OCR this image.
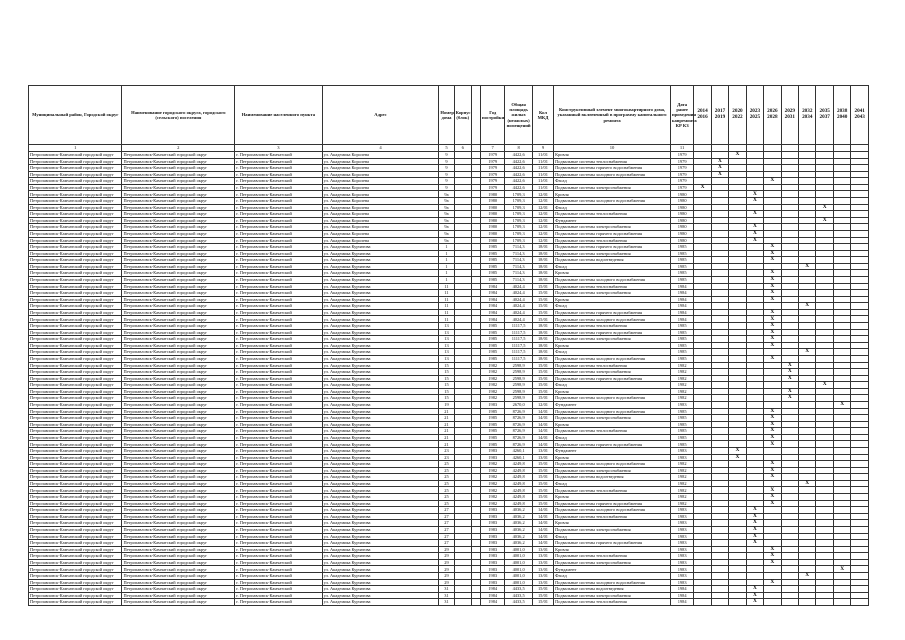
Муниципальный район, Городской округ	Наименование городского округа, городского (сельского) поселения	Наименование населенного пункта	Адрес	Номер дома	Корпус (блок)		Год постройки	Общая площадь жилых (нежилых) помещений	Кол МКД	Конструктивный элемент многоквартирного дома, указанный включенный в программу капитального ремонта	Дата ранее проведения капремонта КР КЗ	2014 2016	2017 2019	2020 2022	2023 2025	2026 2028	2029 2031	2032 2034	2035 2037	2038 2040	2041 2043
1	2	3	4	5	6		7	8	9	10	11										
Петропавловск-Камчатский городской округ	Петропавловск-Камчатский городской округ	г. Петропавловск-Камчатский	ул. Академика Королева	9			1979	4422,6	11/01	Кровля	1979			X							
Петропавловск-Камчатский городской округ	Петропавловск-Камчатский городской округ	г. Петропавловск-Камчатский	ул. Академика Королева	9			1979	4422,6	11/01	Подвальные системы теплоснабжения	1979		X								
Петропавловск-Камчатский городской округ	Петропавловск-Камчатский городской округ	г. Петропавловск-Камчатский	ул. Академика Королева	9			1979	4422,6	11/01	Подвальные системы горячего водоснабжения	1979		X								
Петропавловск-Камчатский городской округ	Петропавловск-Камчатский городской округ	г. Петропавловск-Камчатский	ул. Академика Королева	9			1979	4422,6	11/01	Подвальные системы холодного водоснабжения	1979		X								
Петропавловск-Камчатский городской округ	Петропавловск-Камчатский городской округ	г. Петропавловск-Камчатский	ул. Академика Королева	9			1979	4422,6	11/01	Фасад	1979					X					
Петропавловск-Камчатский городской округ	Петропавловск-Камчатский городской округ	г. Петропавловск-Камчатский	ул. Академика Королева	9			1979	4422,6	11/01	Подвальные системы электроснабжения	1979	X									
Петропавловск-Камчатский городской округ	Петропавловск-Камчатский городской округ	г. Петропавловск-Камчатский	ул. Академика Королева	9а			1980	1709,3	12/01	Кровля	1980				X						
Петропавловск-Камчатский городской округ	Петропавловск-Камчатский городской округ	г. Петропавловск-Камчатский	ул. Академика Королева	9а			1980	1709,3	12/01	Подвальные системы холодного водоснабжения	1980				X						
Петропавловск-Камчатский городской округ	Петропавловск-Камчатский городской округ	г. Петропавловск-Камчатский	ул. Академика Королева	9а			1980	1709,3	12/01	Фасад	1980								X		
Петропавловск-Камчатский городской округ	Петропавловск-Камчатский городской округ	г. Петропавловск-Камчатский	ул. Академика Королева	9а			1980	1709,3	12/01	Подвальные системы теплоснабжения	1980				X						
Петропавловск-Камчатский городской округ	Петропавловск-Камчатский городской округ	г. Петропавловск-Камчатский	ул. Академика Королева	9а			1980	1709,3	12/01	Фундамент	1980								X		
Петропавловск-Камчатский городской округ	Петропавловск-Камчатский городской округ	г. Петропавловск-Камчатский	ул. Академика Королева	9а			1980	1709,3	12/01	Подвальные системы электроснабжения	1980				X						
Петропавловск-Камчатский городской округ	Петропавловск-Камчатский городской округ	г. Петропавловск-Камчатский	ул. Академика Королева	9а			1980	1709,3	12/01	Подвальные системы горячего водоснабжения	1980				X						
Петропавловск-Камчатский городской округ	Петропавловск-Камчатский городской округ	г. Петропавловск-Камчатский	ул. Академика Королева	9а			1980	1709,3	12/01	Подвальные системы теплоснабжения	1980				X						
Петропавловск-Камчатский городской округ	Петропавловск-Камчатский городской округ	г. Петропавловск-Камчатский	ул. Академика Курчатова	1			1985	7114,3	18/01	Подвальные системы горячего водоснабжения	1985					X					
Петропавловск-Камчатский городской округ	Петропавловск-Камчатский городской округ	г. Петропавловск-Камчатский	ул. Академика Курчатова	1			1985	7114,3	18/01	Подвальные системы электроснабжения	1985					X					
Петропавловск-Камчатский городской округ	Петропавловск-Камчатский городской округ	г. Петропавловск-Камчатский	ул. Академика Курчатова	1			1985	7114,3	18/01	Подвальные системы водоотведения	1985					X					
Петропавловск-Камчатский городской округ	Петропавловск-Камчатский городской округ	г. Петропавловск-Камчатский	ул. Академика Курчатова	1			1985	7114,3	18/01	Фасад	1985							X			
Петропавловск-Камчатский городской округ	Петропавловск-Камчатский городской округ	г. Петропавловск-Камчатский	ул. Академика Курчатова	1			1985	7114,3	18/01	Кровля	1985					X					
Петропавловск-Камчатский городской округ	Петропавловск-Камчатский городской округ	г. Петропавловск-Камчатский	ул. Академика Курчатова	1			1985	7114,3	18/01	Подвальные системы холодного водоснабжения	1985					X					
Петропавловск-Камчатский городской округ	Петропавловск-Камчатский городской округ	г. Петропавловск-Камчатский	ул. Академика Курчатова	11			1984	4024,4	15/01	Подвальные системы теплоснабжения	1984					X					
Петропавловск-Камчатский городской округ	Петропавловск-Камчатский городской округ	г. Петропавловск-Камчатский	ул. Академика Курчатова	11			1984	4024,4	15/01	Подвальные системы электроснабжения	1984					X					
Петропавловск-Камчатский городской округ	Петропавловск-Камчатский городской округ	г. Петропавловск-Камчатский	ул. Академика Курчатова	11			1984	4024,4	15/01	Кровля	1984					X					
Петропавловск-Камчатский городской округ	Петропавловск-Камчатский городской округ	г. Петропавловск-Камчатский	ул. Академика Курчатова	11			1984	4024,4	15/01	Фасад	1984							X			
Петропавловск-Камчатский городской округ	Петропавловск-Камчатский городской округ	г. Петропавловск-Камчатский	ул. Академика Курчатова	11			1984	4024,4	15/01	Подвальные системы горячего водоснабжения	1984					X					
Петропавловск-Камчатский городской округ	Петропавловск-Камчатский городской округ	г. Петропавловск-Камчатский	ул. Академика Курчатова	11			1984	4024,4	15/01	Подвальные системы холодного водоснабжения	1984					X					
Петропавловск-Камчатский городской округ	Петропавловск-Камчатский городской округ	г. Петропавловск-Камчатский	ул. Академика Курчатова	13			1985	11117,5	18/01	Подвальные системы теплоснабжения	1985					X					
Петропавловск-Камчатский городской округ	Петропавловск-Камчатский городской округ	г. Петропавловск-Камчатский	ул. Академика Курчатова	13			1985	11117,5	18/01	Подвальные системы горячего водоснабжения	1985					X					
Петропавловск-Камчатский городской округ	Петропавловск-Камчатский городской округ	г. Петропавловск-Камчатский	ул. Академика Курчатова	13			1985	11117,5	18/01	Подвальные системы электроснабжения	1985					X					
Петропавловск-Камчатский городской округ	Петропавловск-Камчатский городской округ	г. Петропавловск-Камчатский	ул. Академика Курчатова	13			1985	11117,5	18/01	Кровля	1985					X					
Петропавловск-Камчатский городской округ	Петропавловск-Камчатский городской округ	г. Петропавловск-Камчатский	ул. Академика Курчатова	13			1985	11117,5	18/01	Фасад	1985							X			
Петропавловск-Камчатский городской округ	Петропавловск-Камчатский городской округ	г. Петропавловск-Камчатский	ул. Академика Курчатова	13			1985	11117,5	18/01	Подвальные системы холодного водоснабжения	1985					X					
Петропавловск-Камчатский городской округ	Петропавловск-Камчатский городской округ	г. Петропавловск-Камчатский	ул. Академика Курчатова	15			1982	2598,9	15/01	Подвальные системы теплоснабжения	1982						X				
Петропавловск-Камчатский городской округ	Петропавловск-Камчатский городской округ	г. Петропавловск-Камчатский	ул. Академика Курчатова	15			1982	2598,9	15/01	Подвальные системы электроснабжения	1982						X				
Петропавловск-Камчатский городской округ	Петропавловск-Камчатский городской округ	г. Петропавловск-Камчатский	ул. Академика Курчатова	15			1982	2598,9	15/01	Подвальные системы горячего водоснабжения	1982						X				
Петропавловск-Камчатский городской округ	Петропавловск-Камчатский городской округ	г. Петропавловск-Камчатский	ул. Академика Курчатова	15			1982	2598,9	15/01	Фасад	1982								X		
Петропавловск-Камчатский городской округ	Петропавловск-Камчатский городской округ	г. Петропавловск-Камчатский	ул. Академика Курчатова	15			1982	2598,9	15/01	Кровля	1982						X				
Петропавловск-Камчатский городской округ	Петропавловск-Камчатский городской округ	г. Петропавловск-Камчатский	ул. Академика Курчатова	15			1982	2598,9	15/01	Подвальные системы холодного водоснабжения	1982						X				
Петропавловск-Камчатский городской округ	Петропавловск-Камчатский городской округ	г. Петропавловск-Камчатский	ул. Академика Курчатова	19			1983	2670,0	12/01	Фундамент	1983									X	
Петропавловск-Камчатский городской округ	Петропавловск-Камчатский городской округ	г. Петропавловск-Камчатский	ул. Академика Курчатова	21			1985	8726,9	14/01	Подвальные системы холодного водоснабжения	1985					X					
Петропавловск-Камчатский городской округ	Петропавловск-Камчатский городской округ	г. Петропавловск-Камчатский	ул. Академика Курчатова	21			1985	8726,9	14/01	Подвальные системы электроснабжения	1985					X					
Петропавловск-Камчатский городской округ	Петропавловск-Камчатский городской округ	г. Петропавловск-Камчатский	ул. Академика Курчатова	21			1985	8726,9	14/01	Кровля	1985					X					
Петропавловск-Камчатский городской округ	Петропавловск-Камчатский городской округ	г. Петропавловск-Камчатский	ул. Академика Курчатова	21			1985	8726,9	14/01	Подвальные системы теплоснабжения	1985					X					
Петропавловск-Камчатский городской округ	Петропавловск-Камчатский городской округ	г. Петропавловск-Камчатский	ул. Академика Курчатова	21			1985	8726,9	14/01	Фасад	1985					X					
Петропавловск-Камчатский городской округ	Петропавловск-Камчатский городской округ	г. Петропавловск-Камчатский	ул. Академика Курчатова	21			1985	8726,9	14/01	Подвальные системы горячего водоснабжения	1985					X					
Петропавловск-Камчатский городской округ	Петропавловск-Камчатский городской округ	г. Петропавловск-Камчатский	ул. Академика Курчатова	23			1983	4260,1	13/01	Фундамент	1983			X							
Петропавловск-Камчатский городской округ	Петропавловск-Камчатский городской округ	г. Петропавловск-Камчатский	ул. Академика Курчатова	23			1983	4260,1	13/01	Кровля	1983			X							
Петропавловск-Камчатский городской округ	Петропавловск-Камчатский городской округ	г. Петропавловск-Камчатский	ул. Академика Курчатова	25			1982	4249,8	15/01	Подвальные системы холодного водоснабжения	1982					X					
Петропавловск-Камчатский городской округ	Петропавловск-Камчатский городской округ	г. Петропавловск-Камчатский	ул. Академика Курчатова	25			1982	4249,8	15/01	Подвальные системы электроснабжения	1982					X					
Петропавловск-Камчатский городской округ	Петропавловск-Камчатский городской округ	г. Петропавловск-Камчатский	ул. Академика Курчатова	25			1982	4249,8	15/01	Подвальные системы водоотведения	1982					X					
Петропавловск-Камчатский городской округ	Петропавловск-Камчатский городской округ	г. Петропавловск-Камчатский	ул. Академика Курчатова	25			1982	4249,8	15/01	Фасад	1982							X			
Петропавловск-Камчатский городской округ	Петропавловск-Камчатский городской округ	г. Петропавловск-Камчатский	ул. Академика Курчатова	25			1982	4249,8	15/01	Подвальные системы теплоснабжения	1982					X					
Петропавловск-Камчатский городской округ	Петропавловск-Камчатский городской округ	г. Петропавловск-Камчатский	ул. Академика Курчатова	25			1982	4249,8	15/01	Кровля	1982					X					
Петропавловск-Камчатский городской округ	Петропавловск-Камчатский городской округ	г. Петропавловск-Камчатский	ул. Академика Курчатова	25			1982	4249,8	15/01	Подвальные системы горячего водоснабжения	1982					X					
Петропавловск-Камчатский городской округ	Петропавловск-Камчатский городской округ	г. Петропавловск-Камчатский	ул. Академика Курчатова	27			1983	4036,2	14/01	Подвальные системы холодного водоснабжения	1983				X						
Петропавловск-Камчатский городской округ	Петропавловск-Камчатский городской округ	г. Петропавловск-Камчатский	ул. Академика Курчатова	27			1983	4036,2	14/01	Подвальные системы теплоснабжения	1983				X						
Петропавловск-Камчатский городской округ	Петропавловск-Камчатский городской округ	г. Петропавловск-Камчатский	ул. Академика Курчатова	27			1983	4036,2	14/01	Кровля	1983				X						
Петропавловск-Камчатский городской округ	Петропавловск-Камчатский городской округ	г. Петропавловск-Камчатский	ул. Академика Курчатова	27			1983	4036,2	14/01	Подвальные системы электроснабжения	1983				X						
Петропавловск-Камчатский городской округ	Петропавловск-Камчатский городской округ	г. Петропавловск-Камчатский	ул. Академика Курчатова	27			1983	4036,2	14/01	Фасад	1983				X						
Петропавловск-Камчатский городской округ	Петропавловск-Камчатский городской округ	г. Петропавловск-Камчатский	ул. Академика Курчатова	27			1983	4036,2	14/01	Подвальные системы горячего водоснабжения	1983				X						
Петропавловск-Камчатский городской округ	Петропавловск-Камчатский городской округ	г. Петропавловск-Камчатский	ул. Академика Курчатова	29			1983	4001,0	13/01	Кровля	1983					X					
Петропавловск-Камчатский городской округ	Петропавловск-Камчатский городской округ	г. Петропавловск-Камчатский	ул. Академика Курчатова	29			1983	4001,0	13/01	Подвальные системы теплоснабжения	1983					X					
Петропавловск-Камчатский городской округ	Петропавловск-Камчатский городской округ	г. Петропавловск-Камчатский	ул. Академика Курчатова	29			1983	4001,0	13/01	Подвальные системы электроснабжения	1983					X					
Петропавловск-Камчатский городской округ	Петропавловск-Камчатский городской округ	г. Петропавловск-Камчатский	ул. Академика Курчатова	29			1983	4001,0	13/01	Фундамент	1983									X	
Петропавловск-Камчатский городской округ	Петропавловск-Камчатский городской округ	г. Петропавловск-Камчатский	ул. Академика Курчатова	29			1983	4001,0	13/01	Фасад	1983							X			
Петропавловск-Камчатский городской округ	Петропавловск-Камчатский городской округ	г. Петропавловск-Камчатский	ул. Академика Курчатова	29			1983	4001,0	13/01	Подвальные системы холодного водоснабжения	1983					X					
Петропавловск-Камчатский городской округ	Петропавловск-Камчатский городской округ	г. Петропавловск-Камчатский	ул. Академика Курчатова	31			1984	4433,5	15/01	Подвальные системы водоотведения	1984				X						
Петропавловск-Камчатский городской округ	Петропавловск-Камчатский городской округ	г. Петропавловск-Камчатский	ул. Академика Курчатова	31			1984	4433,5	15/01	Подвальные системы электроснабжения	1984				X						
Петропавловск-Камчатский городской округ	Петропавловск-Камчатский городской округ	г. Петропавловск-Камчатский	ул. Академика Курчатова	31			1984	4433,5	15/01	Подвальные системы теплоснабжения	1984				X						
